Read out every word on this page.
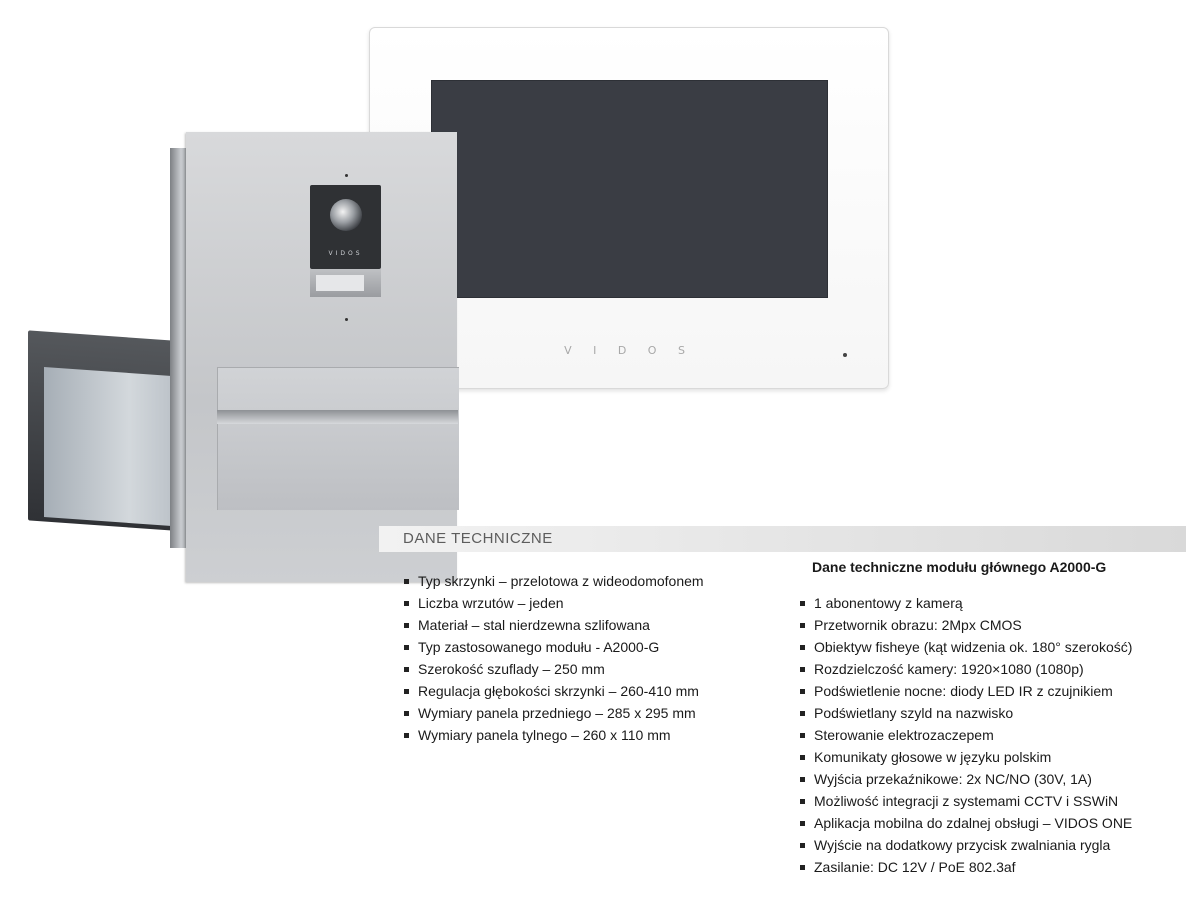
V I D O S
VIDOS
DANE TECHNICZNE
Typ skrzynki – przelotowa z wideodomofonem
Liczba wrzutów – jeden
Materiał – stal nierdzewna szlifowana
Typ zastosowanego modułu - A2000-G
Szerokość szuflady – 250 mm
Regulacja głębokości skrzynki – 260-410 mm
Wymiary panela przedniego – 285 x 295 mm
Wymiary panela tylnego – 260 x 110 mm
Dane techniczne modułu głównego A2000-G
1 abonentowy z kamerą
Przetwornik obrazu: 2Mpx CMOS
Obiektyw fisheye (kąt widzenia ok. 180° szerokość)
Rozdzielczość kamery: 1920×1080 (1080p)
Podświetlenie nocne: diody LED IR z czujnikiem
Podświetlany szyld na nazwisko
Sterowanie elektrozaczepem
Komunikaty głosowe w języku polskim
Wyjścia przekaźnikowe: 2x NC/NO (30V, 1A)
Możliwość integracji z systemami CCTV i SSWiN
Aplikacja mobilna do zdalnej obsługi – VIDOS ONE
Wyjście na dodatkowy przycisk zwalniania rygla
Zasilanie: DC 12V / PoE 802.3af
